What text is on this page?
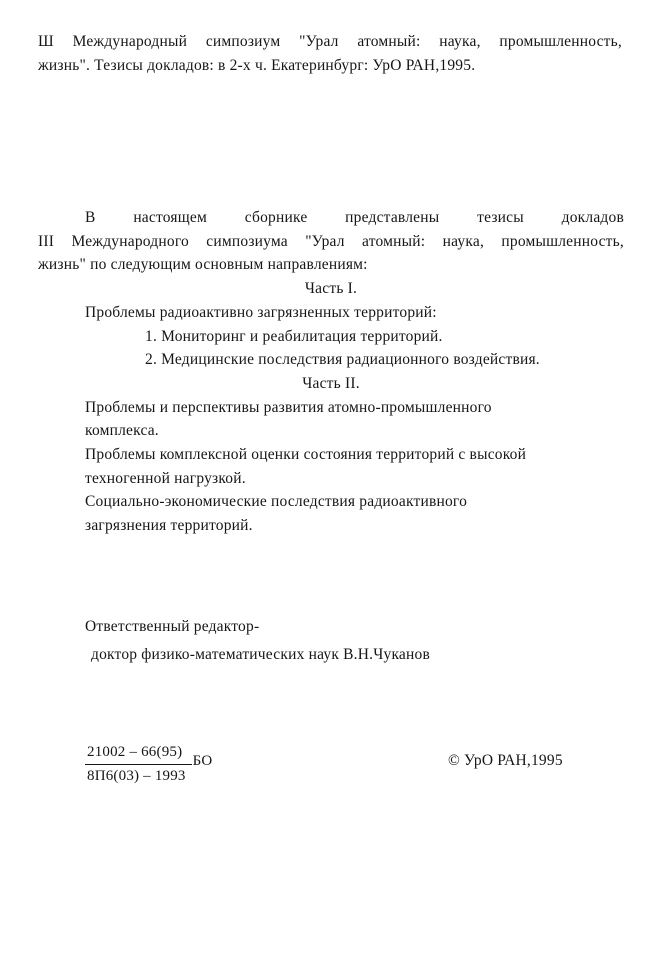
Ш Международный симпозиум "Урал атомный: наука, промышленность,
жизнь". Тезисы докладов: в 2-х ч. Екатеринбург: УрО РАН,1995.
В настоящем сборнике представлены тезисы докладов
III Международного симпозиума "Урал атомный: наука, промышленность,
жизнь" по следующим основным направлениям:
Часть I.
Проблемы радиоактивно загрязненных территорий:
1. Мониторинг и реабилитация территорий.
2. Медицинские последствия радиационного воздействия.
Часть II.
Проблемы и перспективы развития атомно-промышленного
комплекса.
Проблемы комплексной оценки состояния территорий с высокой
техногенной нагрузкой.
Социально-экономические последствия радиоактивного
загрязнения территорий.
Ответственный редактор-
доктор физико-математических наук В.Н.Чуканов
$\frac{21002 - 66(95)}{8П6(03) - 1993}$ БО	© УрО РАН,1995
